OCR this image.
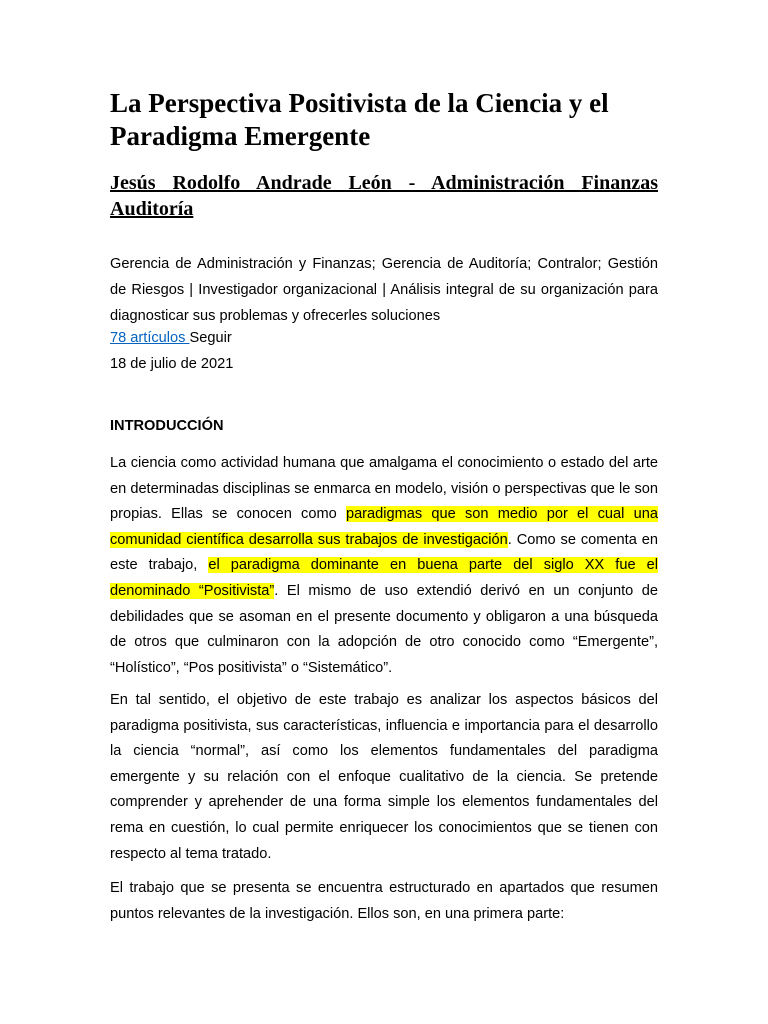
La Perspectiva Positivista de la Ciencia y el Paradigma Emergente
Jesús Rodolfo Andrade León - Administración Finanzas Auditoría

Gerencia de Administración y Finanzas; Gerencia de Auditoría; Contralor; Gestión de Riesgos | Investigador organizacional | Análisis integral de su organización para diagnosticar sus problemas y ofrecerles soluciones

78 artículos Seguir

18 de julio de 2021

INTRODUCCIÓN

La ciencia como actividad humana que amalgama el conocimiento o estado del arte en determinadas disciplinas se enmarca en modelo, visión o perspectivas que le son propias. Ellas se conocen como paradigmas que son medio por el cual una comunidad científica desarrolla sus trabajos de investigación. Como se comenta en este trabajo, el paradigma dominante en buena parte del siglo XX fue el denominado “Positivista”. El mismo de uso extendió derivó en un conjunto de debilidades que se asoman en el presente documento y obligaron a una búsqueda de otros que culminaron con la adopción de otro conocido como “Emergente”, “Holístico”, “Pos positivista” o “Sistemático”.

En tal sentido, el objetivo de este trabajo es analizar los aspectos básicos del paradigma positivista, sus características, influencia e importancia para el desarrollo la ciencia “normal”, así como los elementos fundamentales del paradigma emergente y su relación con el enfoque cualitativo de la ciencia. Se pretende comprender y aprehender de una forma simple los elementos fundamentales del rema en cuestión, lo cual permite enriquecer los conocimientos que se tienen con respecto al tema tratado.

El trabajo que se presenta se encuentra estructurado en apartados que resumen puntos relevantes de la investigación. Ellos son, en una primera parte:
